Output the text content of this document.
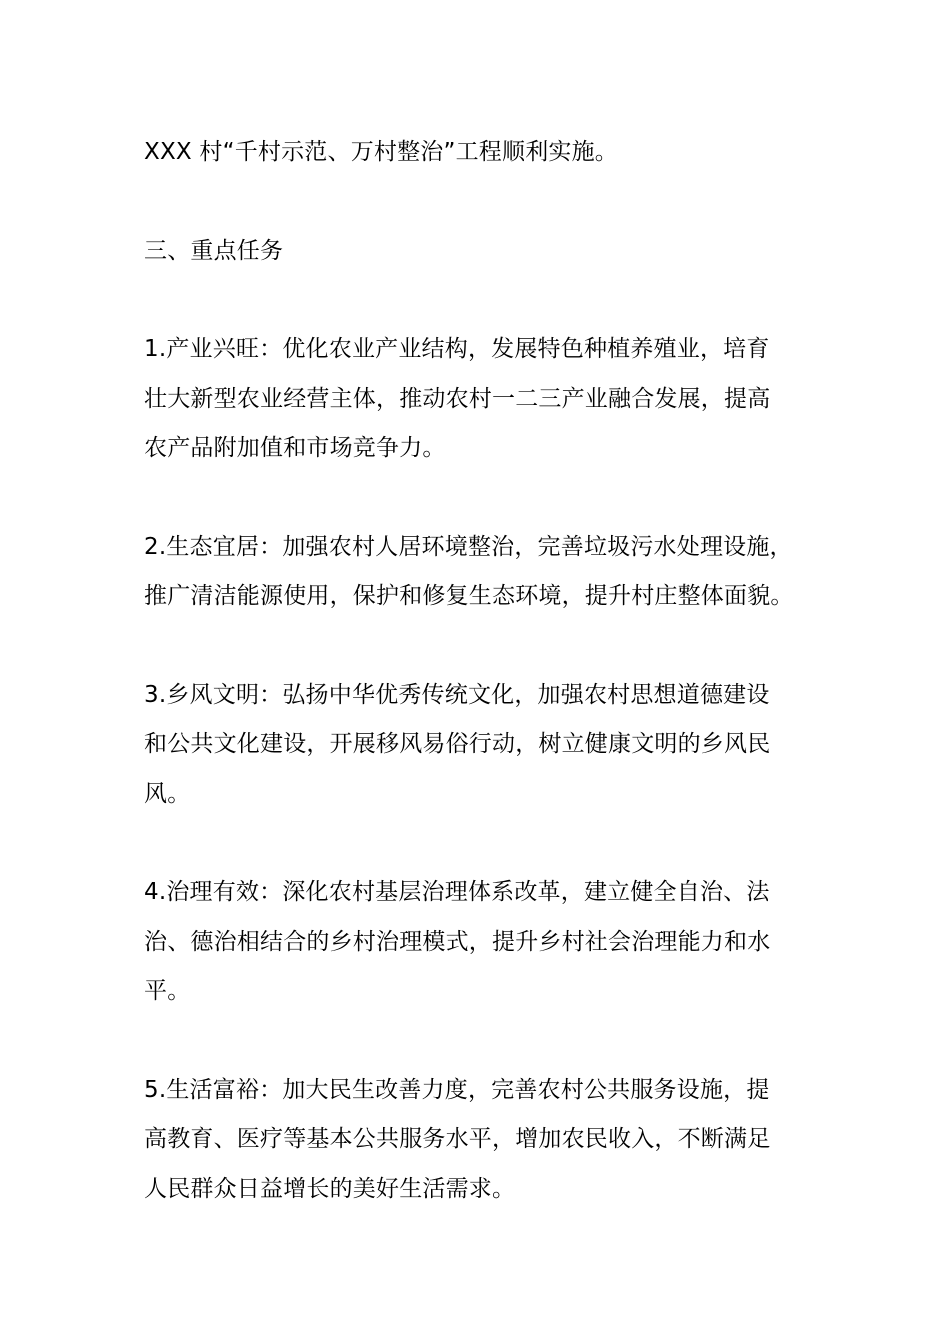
XXX 村“千村示范、万村整治”工程顺利实施。

三、重点任务

1.产业兴旺：优化农业产业结构，发展特色种植养殖业，培育
壮大新型农业经营主体，推动农村一二三产业融合发展，提高
农产品附加值和市场竞争力。

2.生态宜居：加强农村人居环境整治，完善垃圾污水处理设施，
推广清洁能源使用，保护和修复生态环境，提升村庄整体面貌。

3.乡风文明：弘扬中华优秀传统文化，加强农村思想道德建设
和公共文化建设，开展移风易俗行动，树立健康文明的乡风民
风。

4.治理有效：深化农村基层治理体系改革，建立健全自治、法
治、德治相结合的乡村治理模式，提升乡村社会治理能力和水
平。

5.生活富裕：加大民生改善力度，完善农村公共服务设施，提
高教育、医疗等基本公共服务水平，增加农民收入，不断满足
人民群众日益增长的美好生活需求。
